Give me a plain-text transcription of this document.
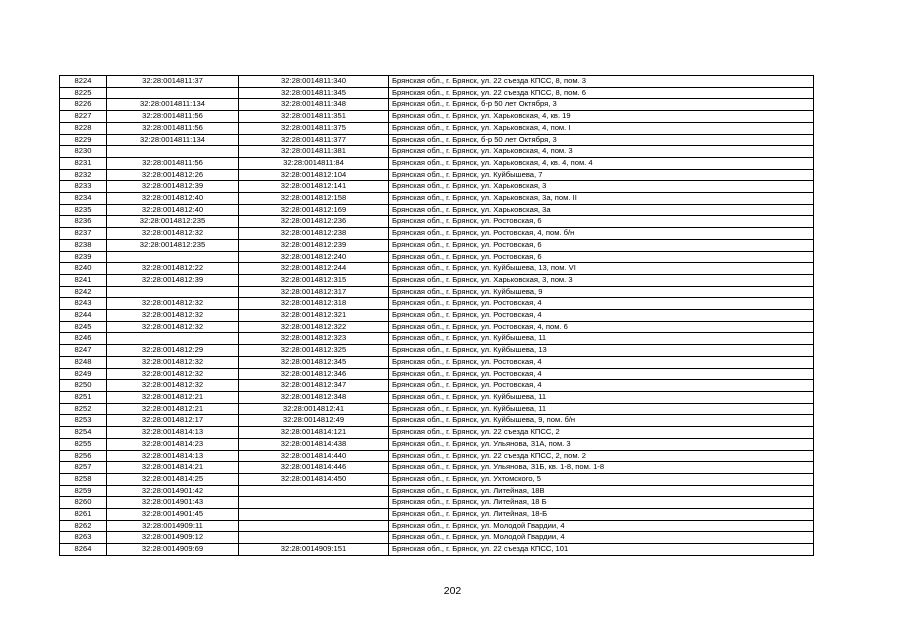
8224	32:28:0014811:37	32:28:0014811:340	Брянская обл., г. Брянск, ул. 22 съезда КПСС, 8, пом. 3
8225		32:28:0014811:345	Брянская обл., г. Брянск, ул. 22 съезда КПСС, 8, пом. 6
8226	32:28:0014811:134	32:28:0014811:348	Брянская обл., г. Брянск, б-р 50 лет Октября, 3
8227	32:28:0014811:56	32:28:0014811:351	Брянская обл., г. Брянск, ул. Харьковская, 4, кв. 19
8228	32:28:0014811:56	32:28:0014811:375	Брянская обл., г. Брянск, ул. Харьковская, 4, пом. I
8229	32:28:0014811:134	32:28:0014811:377	Брянская обл., г. Брянск, б-р 50 лет Октября, 3
8230		32:28:0014811:381	Брянская обл., г. Брянск, ул. Харьковская, 4, пом. 3
8231	32:28:0014811:56	32:28:0014811:84	Брянская обл., г. Брянск, ул. Харьковская, 4, кв. 4, пом. 4
8232	32:28:0014812:26	32:28:0014812:104	Брянская обл., г. Брянск, ул. Куйбышева, 7
8233	32:28:0014812:39	32:28:0014812:141	Брянская обл., г. Брянск, ул. Харьковская, 3
8234	32:28:0014812:40	32:28:0014812:158	Брянская обл., г. Брянск, ул. Харьковская, 3а, пом. II
8235	32:28:0014812:40	32:28:0014812:169	Брянская обл., г. Брянск, ул. Харьковская, 3а
8236	32:28:0014812:235	32:28:0014812:236	Брянская обл., г. Брянск, ул. Ростовская, 6
8237	32:28:0014812:32	32:28:0014812:238	Брянская обл., г. Брянск, ул. Ростовская, 4, пом. б/н
8238	32:28:0014812:235	32:28:0014812:239	Брянская обл., г. Брянск, ул. Ростовская, 6
8239		32:28:0014812:240	Брянская обл., г. Брянск, ул. Ростовская, 6
8240	32:28:0014812:22	32:28:0014812:244	Брянская обл., г. Брянск, ул. Куйбышева, 13, пом. VI
8241	32:28:0014812:39	32:28:0014812:315	Брянская обл., г. Брянск, ул. Харьковская, 3, пом. 3
8242		32:28:0014812:317	Брянская обл., г. Брянск, ул. Куйбышева, 9
8243	32:28:0014812:32	32:28:0014812:318	Брянская обл., г. Брянск, ул. Ростовская, 4
8244	32:28:0014812:32	32:28:0014812:321	Брянская обл., г. Брянск, ул. Ростовская, 4
8245	32:28:0014812:32	32:28:0014812:322	Брянская обл., г. Брянск, ул. Ростовская, 4, пом. 6
8246		32:28:0014812:323	Брянская обл., г. Брянск, ул. Куйбышева, 11
8247	32:28:0014812:29	32:28:0014812:325	Брянская обл., г. Брянск, ул. Куйбышева, 13
8248	32:28:0014812:32	32:28:0014812:345	Брянская обл., г. Брянск, ул. Ростовская, 4
8249	32:28:0014812:32	32:28:0014812:346	Брянская обл., г. Брянск, ул. Ростовская, 4
8250	32:28:0014812:32	32:28:0014812:347	Брянская обл., г. Брянск, ул. Ростовская, 4
8251	32:28:0014812:21	32:28:0014812:348	Брянская обл., г. Брянск, ул. Куйбышева, 11
8252	32:28:0014812:21	32:28:0014812:41	Брянская обл., г. Брянск, ул. Куйбышева, 11
8253	32:28:0014812:17	32:28:0014812:49	Брянская обл., г. Брянск, ул. Куйбышева, 9, пом. б/н
8254	32:28:0014814:13	32:28:0014814:121	Брянская обл., г. Брянск, ул. 22 съезда КПСС, 2
8255	32:28:0014814:23	32:28:0014814:438	Брянская обл., г. Брянск, ул. Ульянова, 31А, пом. 3
8256	32:28:0014814:13	32:28:0014814:440	Брянская обл., г. Брянск, ул. 22 съезда КПСС, 2, пом. 2
8257	32:28:0014814:21	32:28:0014814:446	Брянская обл., г. Брянск, ул. Ульянова, 31Б, кв. 1-8, пом. 1-8
8258	32:28:0014814:25	32:28:0014814:450	Брянская обл., г. Брянск, ул. Ухтомского, 5
8259	32:28:0014901:42		Брянская обл., г. Брянск, ул. Литейная, 18В
8260	32:28:0014901:43		Брянская обл., г. Брянск, ул. Литейная, 18 Б
8261	32:28:0014901:45		Брянская обл., г. Брянск, ул. Литейная, 18-Б
8262	32:28:0014909:11		Брянская обл., г. Брянск, ул. Молодой Гвардии, 4
8263	32:28:0014909:12		Брянская обл., г. Брянск, ул. Молодой Гвардии, 4
8264	32:28:0014909:69	32:28:0014909:151	Брянская обл., г. Брянск, ул. 22 съезда КПСС, 101
202
